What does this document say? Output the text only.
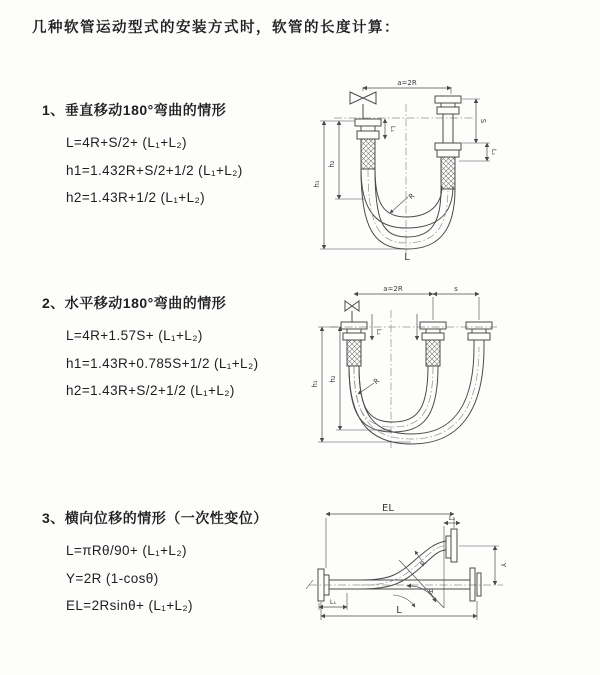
几种软管运动型式的安装方式时，软管的长度计算：
1、垂直移动180°弯曲的情形
L=4R+S/2+ (L₁+L₂)
h1=1.432R+S/2+1/2 (L₁+L₂)
h2=1.43R+1/2 (L₁+L₂)
a=2R
S
L₂
L₁
h₁
h₂
R
L
2、水平移动180°弯曲的情形
L=4R+1.57S+ (L₁+L₂)
h1=1.43R+0.785S+1/2 (L₁+L₂)
h2=1.43R+S/2+1/2 (L₁+L₂)
a=2R	s
L₁
h₁
h₂	R
3、横向位移的情形（一次性变位）
L=πRθ/90+ (L₁+L₂)
Y=2R (1-cosθ)
EL=2Rsinθ+ (L₁+L₂)
EL
L₂
Y
R
θ
L
L₁
